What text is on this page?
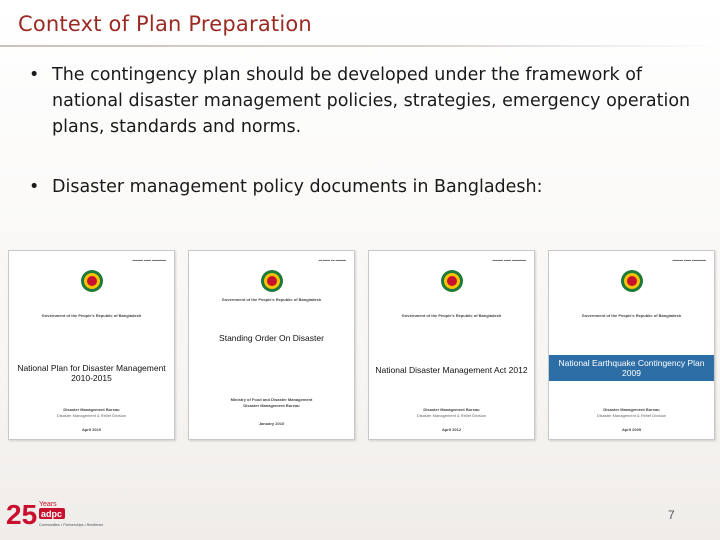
Context of Plan Preparation
• The contingency plan should be developed under the framework of national disaster management policies, strategies, emergency operation plans, standards and norms.
• Disaster management policy documents in Bangladesh:
▬▬▬ ▬▬ ▬▬▬▬
Government of the People's Republic of Bangladesh
National Plan for Disaster Management 2010-2015
Disaster Management Bureau
Disaster Management & Relief Division
April 2010
▬ ▬▬ ▬ ▬▬▬
Government of the People's Republic of Bangladesh
Standing Order On Disaster
Ministry of Food and Disaster Management
Disaster Management Bureau
January 2010
▬▬▬ ▬▬ ▬▬▬▬
Government of the People's Republic of Bangladesh
National Disaster Management Act 2012
Disaster Management Bureau
Disaster Management & Relief Division
April 2012
▬▬▬ ▬▬ ▬▬▬▬
Government of the People's Republic of Bangladesh
National Earthquake Contingency Plan 2009
Disaster Management Bureau
Disaster Management & Relief Division
April 2009
25 Years
adpc
Communities • Partnerships • Resilience
7
